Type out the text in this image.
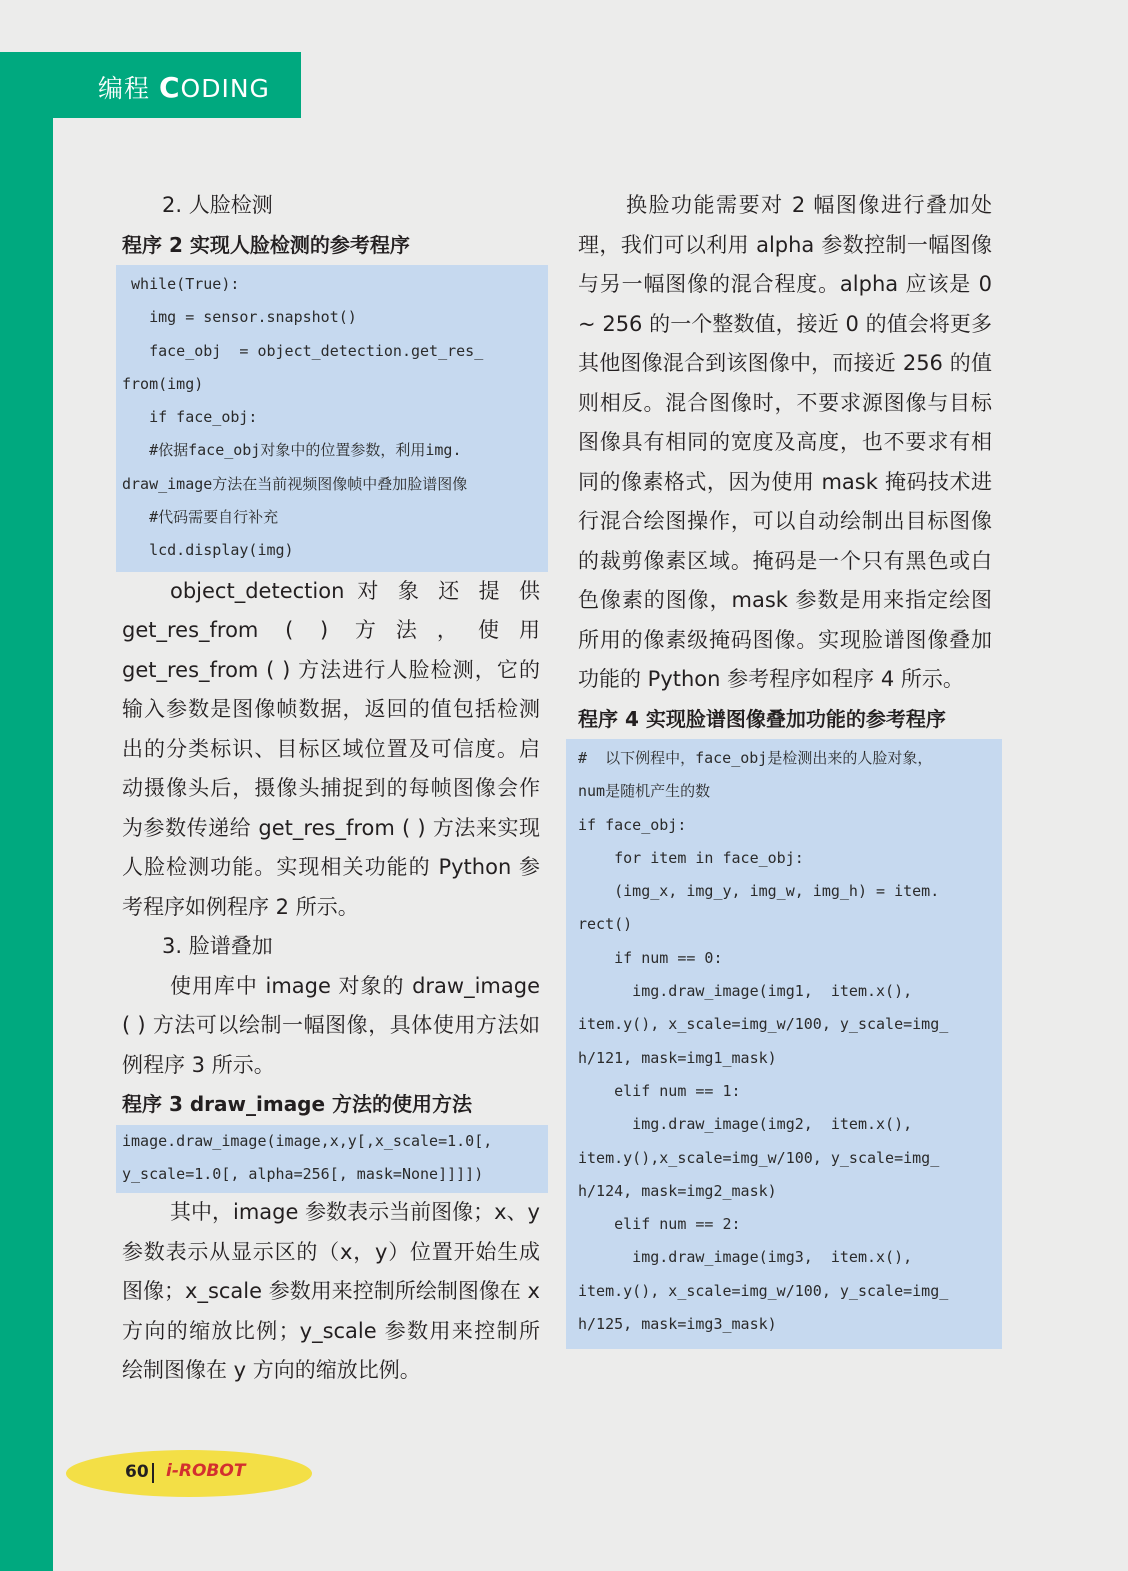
编程 CODING

2. 人脸检测

程序 2 实现人脸检测的参考程序

while(True):
img = sensor.snapshot()
face_obj  = object_detection.get_res_
from(img)
if face_obj:
#依据face_obj对象中的位置参数，利用img.
draw_image方法在当前视频图像帧中叠加脸谱图像
#代码需要自行补充
lcd.display(img)

object_detection 对 象 还 提 供 get_res_from ( ) 方法，使用 get_res_from ( ) 方法进行人脸检测，它的输入参数是图像帧数据，返回的值包括检测出的分类标识、目标区域位置及可信度。启动摄像头后，摄像头捕捉到的每帧图像会作为参数传递给 get_res_from ( ) 方法来实现人脸检测功能。实现相关功能的 Python 参考程序如例程序 2 所示。

3. 脸谱叠加

使用库中 image 对象的 draw_image ( ) 方法可以绘制一幅图像，具体使用方法如例程序 3 所示。

程序 3 draw_image 方法的使用方法

image.draw_image(image,x,y[,x_scale=1.0[,
y_scale=1.0[, alpha=256[, mask=None]]]])

其中，image 参数表示当前图像；x、y 参数表示从显示区的（x，y）位置开始生成图像；x_scale 参数用来控制所绘制图像在 x 方向的缩放比例；y_scale 参数用来控制所绘制图像在 y 方向的缩放比例。

换脸功能需要对 2 幅图像进行叠加处理，我们可以利用 alpha 参数控制一幅图像与另一幅图像的混合程度。alpha 应该是 0 ~ 256 的一个整数值，接近 0 的值会将更多其他图像混合到该图像中，而接近 256 的值则相反。混合图像时，不要求源图像与目标图像具有相同的宽度及高度，也不要求有相同的像素格式，因为使用 mask 掩码技术进行混合绘图操作，可以自动绘制出目标图像的裁剪像素区域。掩码是一个只有黑色或白色像素的图像，mask 参数是用来指定绘图所用的像素级掩码图像。实现脸谱图像叠加功能的 Python 参考程序如程序 4 所示。

程序 4 实现脸谱图像叠加功能的参考程序

#  以下例程中，face_obj是检测出来的人脸对象，
num是随机产生的数
if face_obj:
for item in face_obj:
(img_x, img_y, img_w, img_h) = item.
rect()
if num == 0:
img.draw_image(img1,  item.x(),
item.y(), x_scale=img_w/100, y_scale=img_
h/121, mask=img1_mask)
elif num == 1:
img.draw_image(img2,  item.x(),
item.y(),x_scale=img_w/100, y_scale=img_
h/124, mask=img2_mask)
elif num == 2:
img.draw_image(img3,  item.x(),
item.y(), x_scale=img_w/100, y_scale=img_
h/125, mask=img3_mask)
60 i-ROBOT
